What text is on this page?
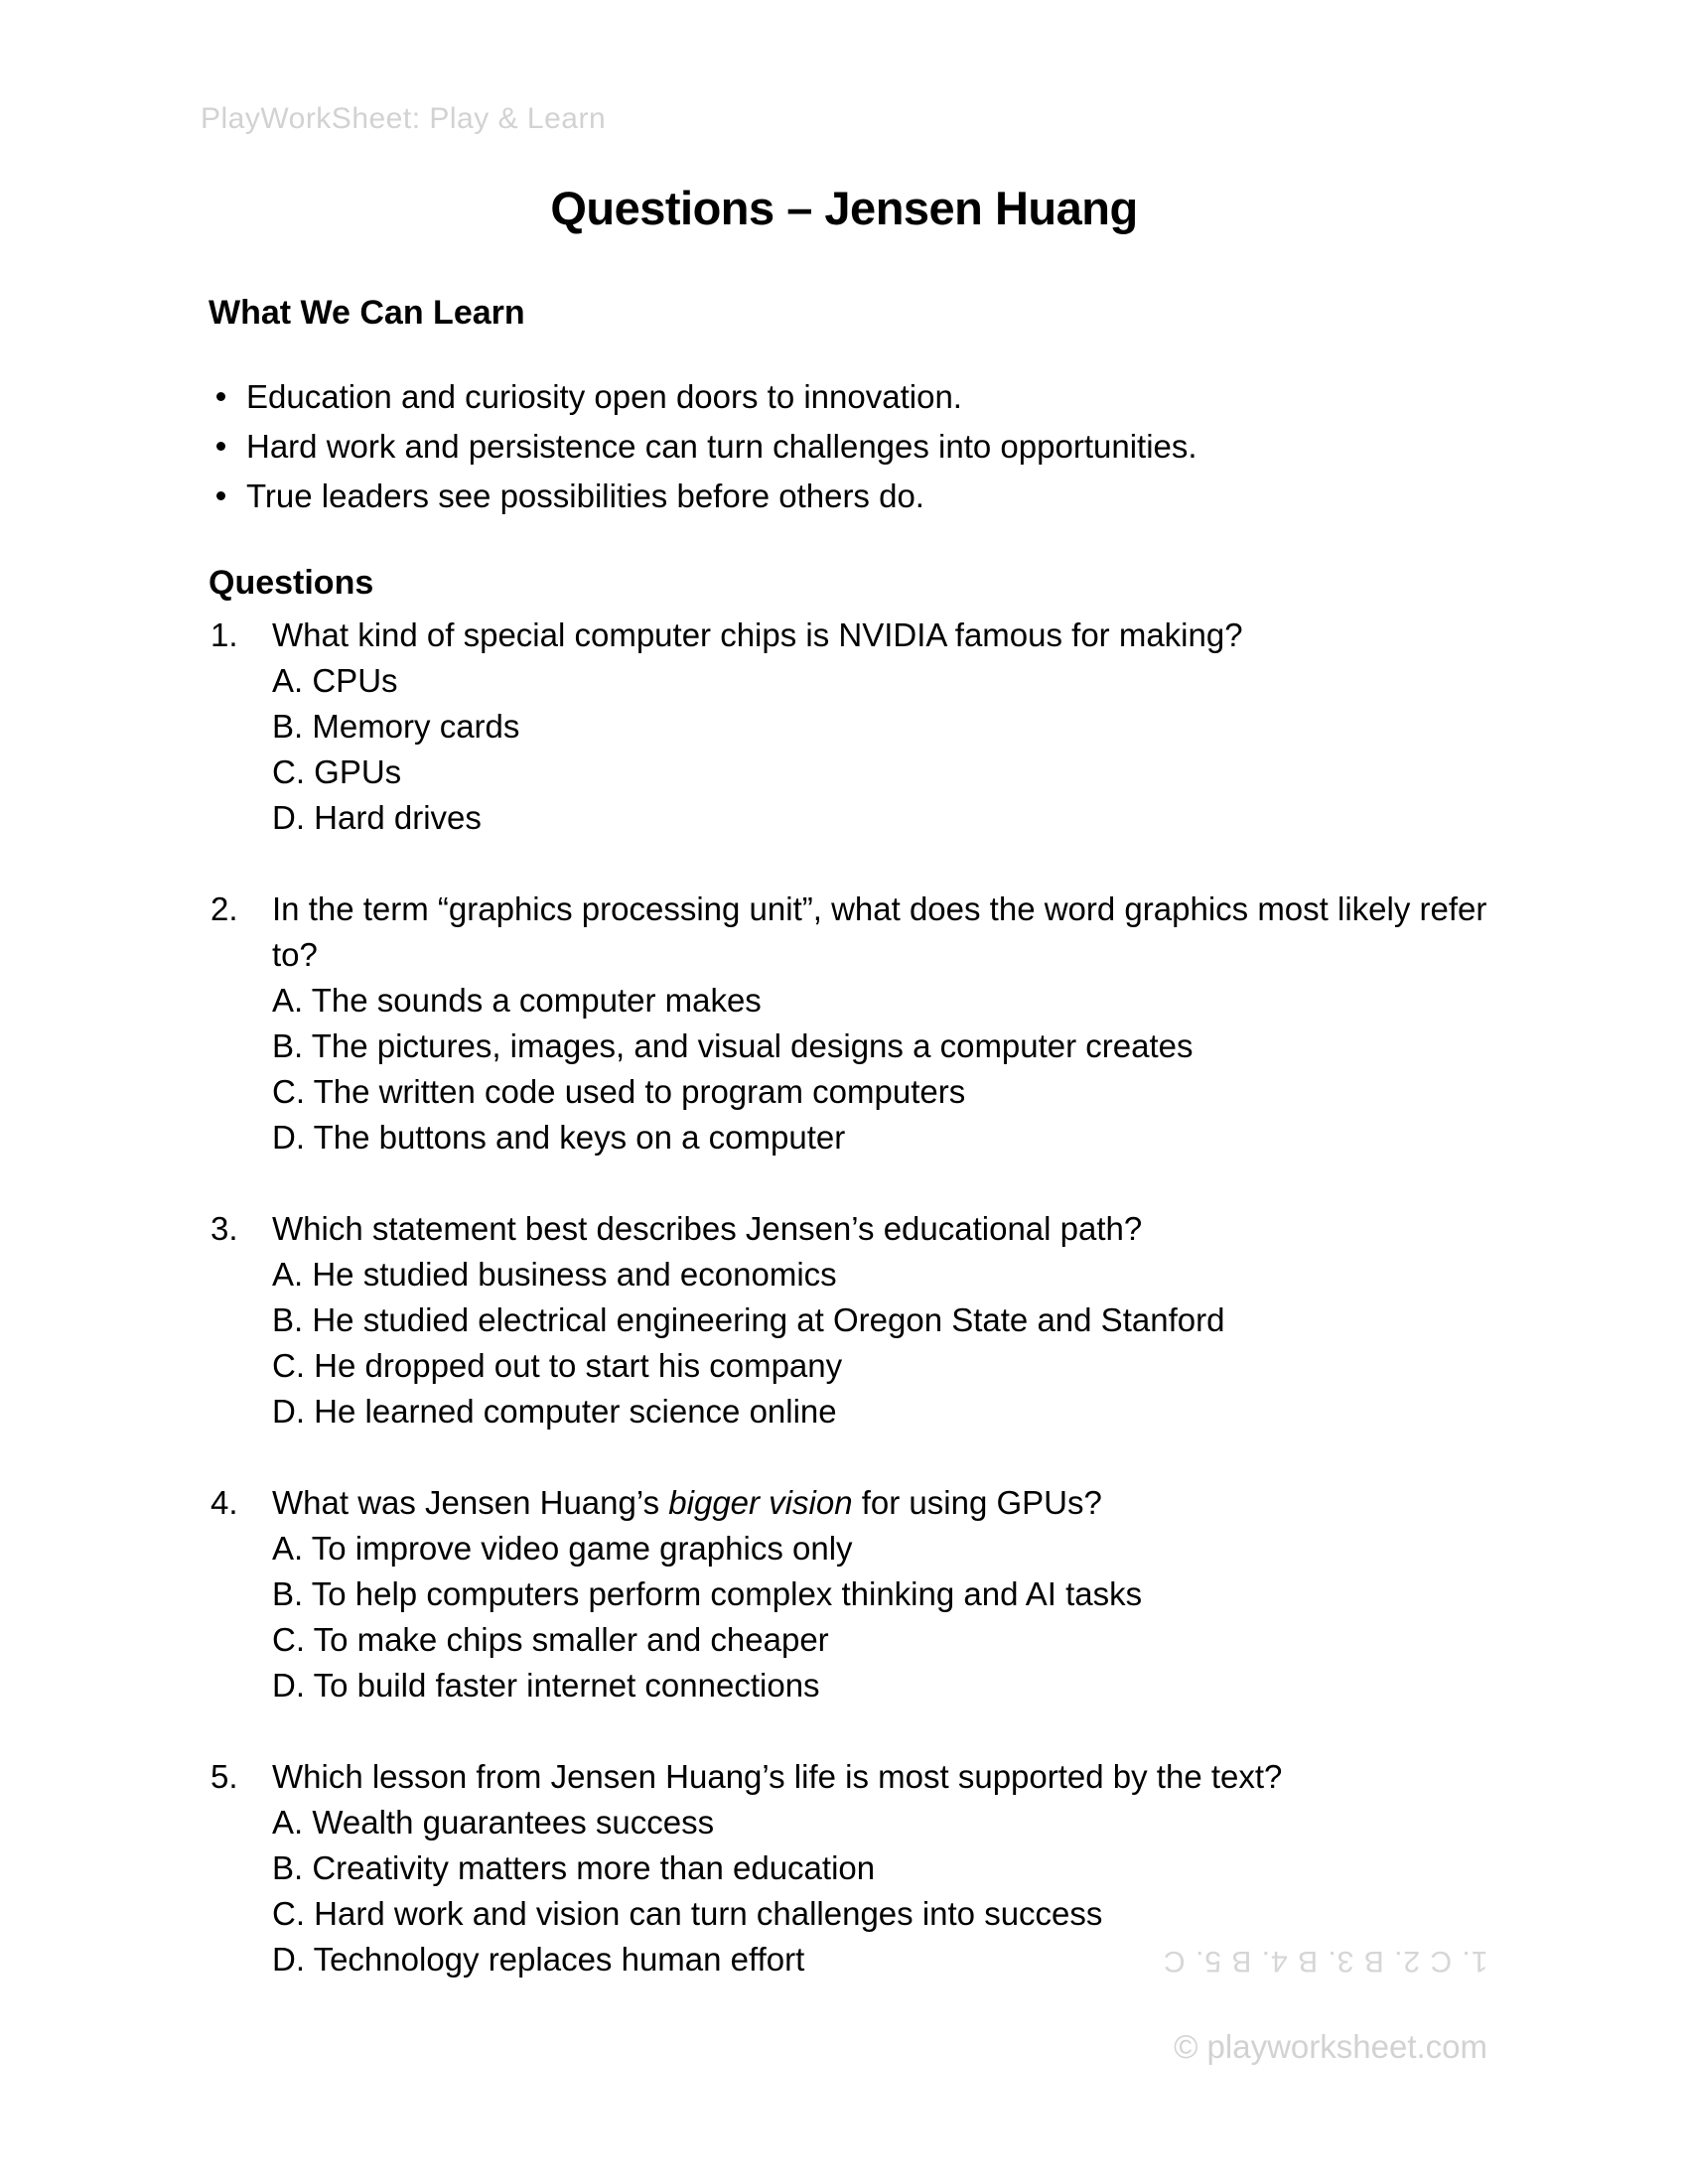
PlayWorkSheet: Play & Learn
Questions – Jensen Huang
What We Can Learn
Education and curiosity open doors to innovation.
Hard work and persistence can turn challenges into opportunities.
True leaders see possibilities before others do.
Questions
1.	What kind of special computer chips is NVIDIA famous for making?
A. CPUs
B. Memory cards
C. GPUs
D. Hard drives
2.	In the term “graphics processing unit”, what does the word graphics most likely refer to?
A. The sounds a computer makes
B. The pictures, images, and visual designs a computer creates
C. The written code used to program computers
D. The buttons and keys on a computer
3.	Which statement best describes Jensen’s educational path?
A. He studied business and economics
B. He studied electrical engineering at Oregon State and Stanford
C. He dropped out to start his company
D. He learned computer science online
4.	What was Jensen Huang’s bigger vision for using GPUs?
A. To improve video game graphics only
B. To help computers perform complex thinking and AI tasks
C. To make chips smaller and cheaper
D. To build faster internet connections
5.	Which lesson from Jensen Huang’s life is most supported by the text?
A. Wealth guarantees success
B. Creativity matters more than education
C. Hard work and vision can turn challenges into success
D. Technology replaces human effort	1. C 2. B 3. B 4. B 5. C
© playworksheet.com
